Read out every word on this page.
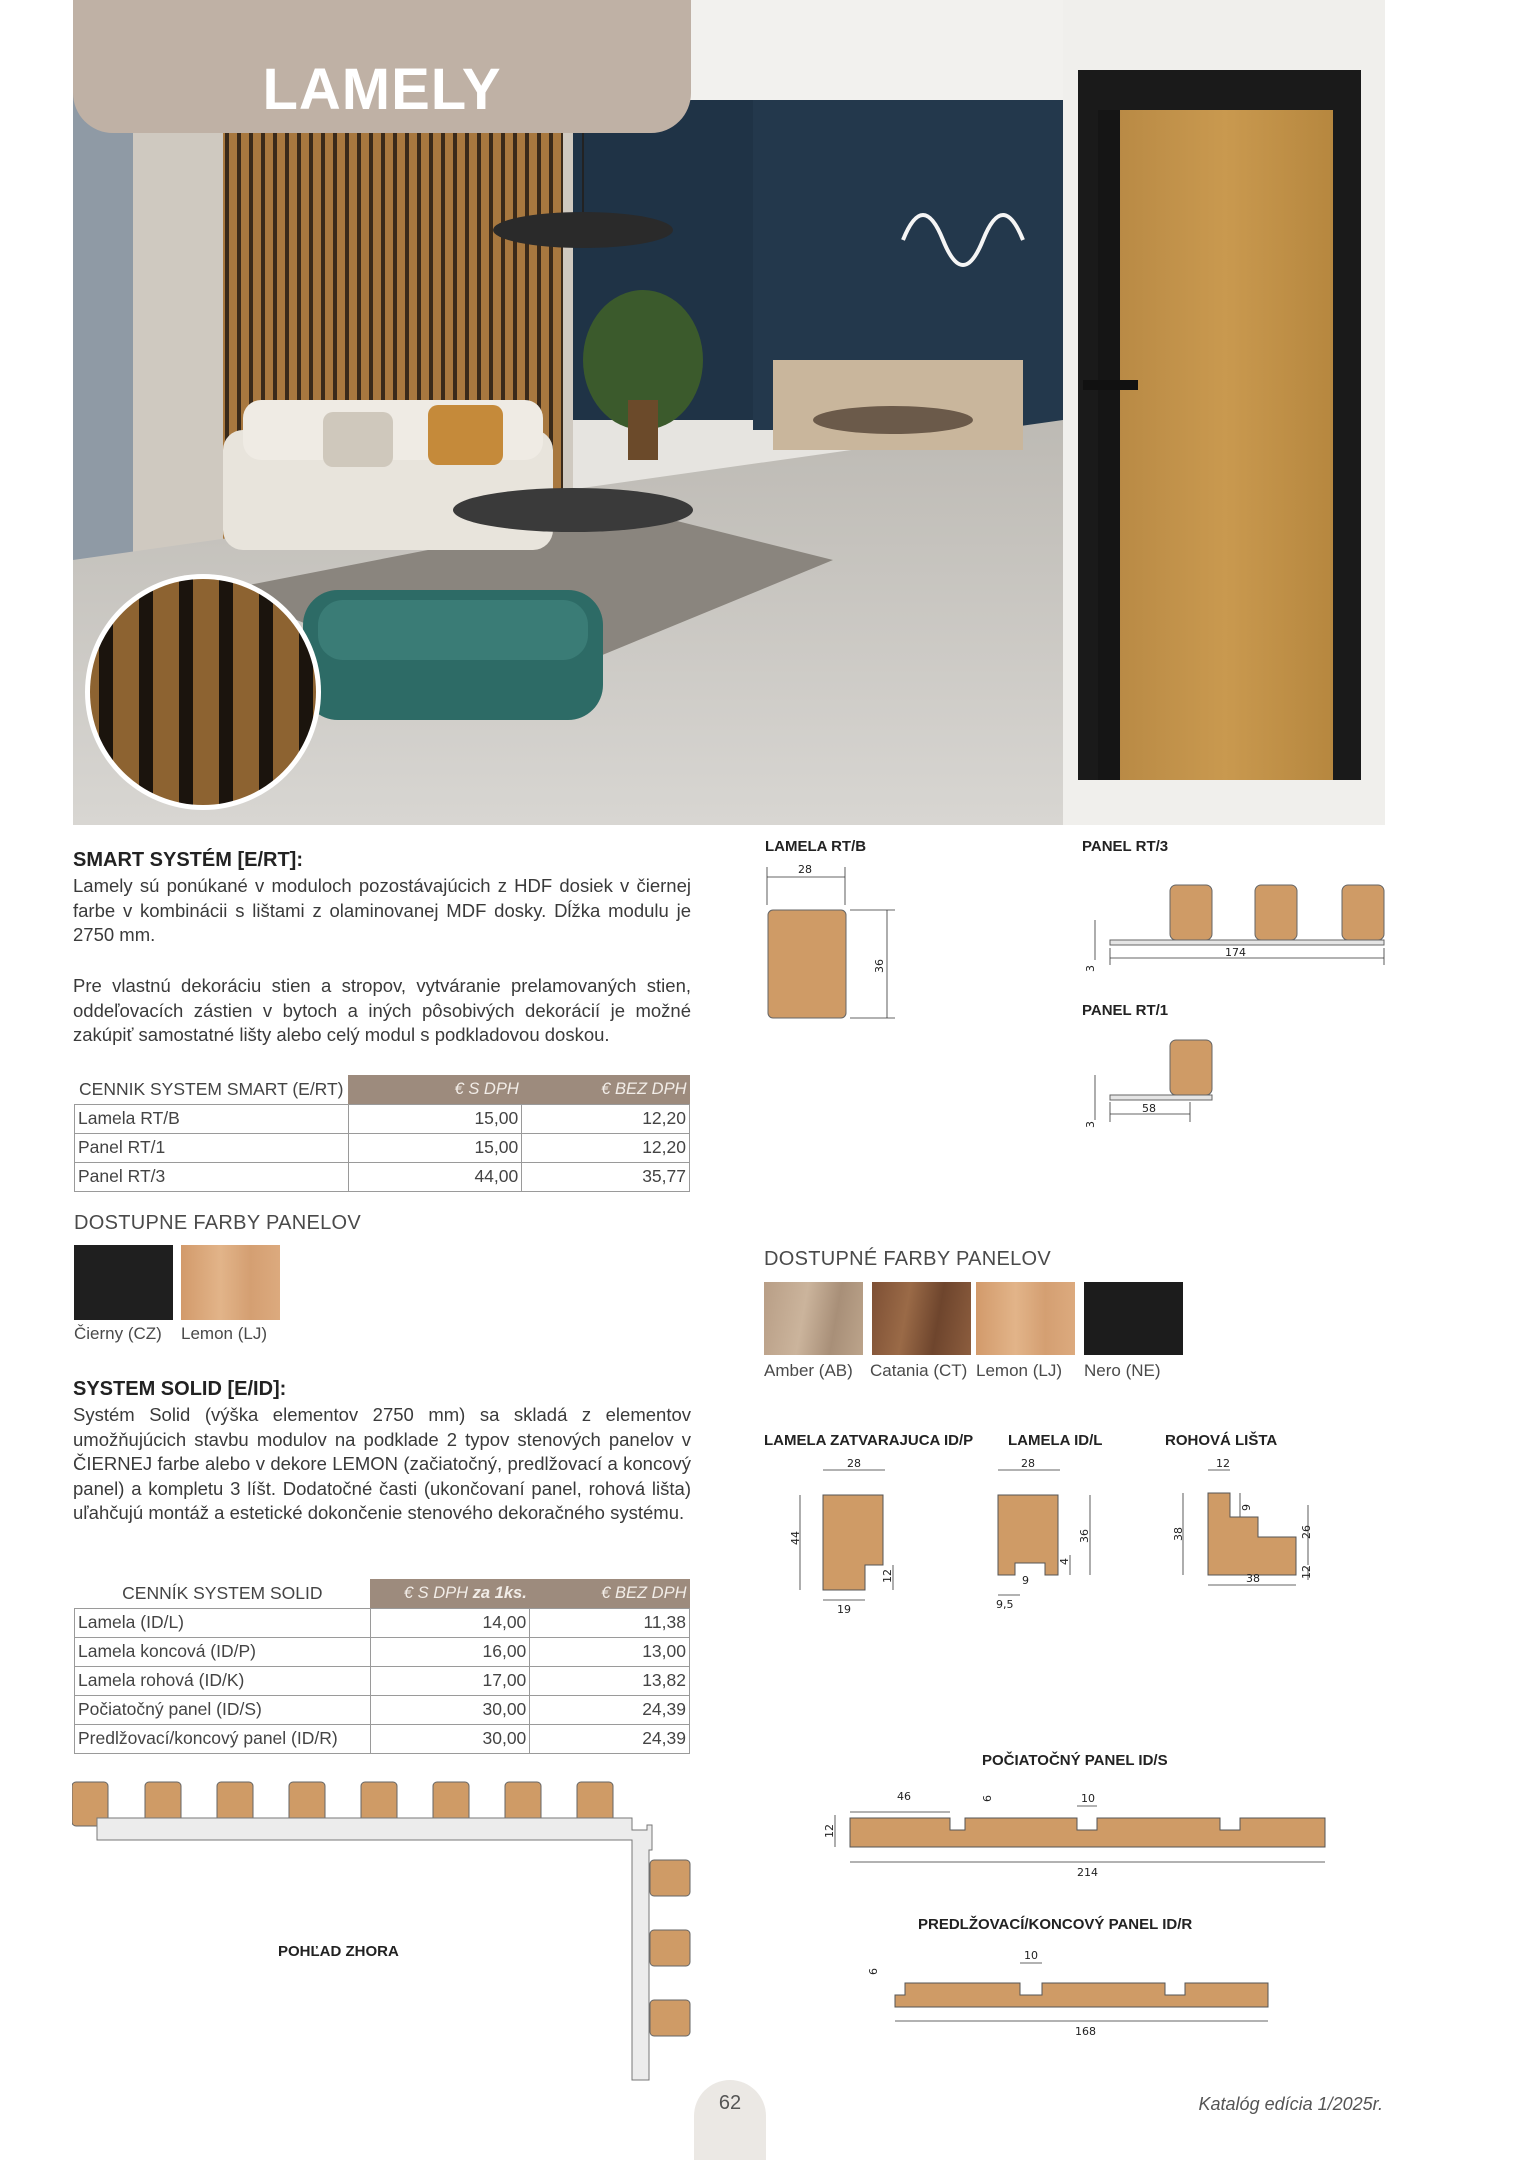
LAMELY
SMART SYSTÉM [E/RT]:
Lamely sú ponúkané v moduloch pozostávajúcich z HDF dosiek v čiernej farbe v kombinácii s lištami z olaminovanej MDF dosky. Dĺžka modulu je 2750 mm.
Pre vlastnú dekoráciu stien a stropov, vytváranie prelamovaných stien, oddeľovacích zástien v bytoch a iných pôsobivých dekorácií je možné zakúpiť samostatné lišty alebo celý modul s podkladovou doskou.
CENNIK SYSTEM SMART (E/RT)	€ S DPH	€ BEZ DPH
Lamela RT/B	15,00	12,20
Panel RT/1	15,00	12,20
Panel RT/3	44,00	35,77
DOSTUPNE FARBY PANELOV
Čierny (CZ) Lemon (LJ)
LAMELA RT/B
28
36
PANEL RT/3
174
3
PANEL RT/1
58
3
DOSTUPNÉ FARBY PANELOV
Amber (AB) Catania (CT) Lemon (LJ) Nero (NE)
SYSTEM SOLID [E/ID]:
Systém Solid (výška elementov 2750 mm) sa skladá z elementov umožňujúcich stavbu modulov na podklade 2 typov stenových panelov v ČIERNEJ farbe alebo v dekore LEMON (začiatočný, predlžovací a koncový panel) a kompletu 3 líšt. Dodatočné časti (ukončovaní panel, rohová lišta) uľahčujú montáž a estetické dokončenie stenového dekoračného systému.
CENNÍK SYSTEM SOLID	€ S DPH za 1ks.	€ BEZ DPH
Lamela (ID/L)	14,00	11,38
Lamela koncová (ID/P)	16,00	13,00
Lamela rohová (ID/K)	17,00	13,82
Počiatočný panel (ID/S)	30,00	24,39
Predlžovací/koncový panel (ID/R)	30,00	24,39
LAMELA ZATVARAJUCA ID/P
28
44
12
19
LAMELA ID/L
28
4
36
9
9,5
ROHOVÁ LIŠTA
12
9
38	26
12
38
POČIATOČNÝ PANEL ID/S
46	6	10
12
214
PREDLŽOVACÍ/KONCOVÝ PANEL ID/R
10
6
168
POHĽAD ZHORA
62	Katalóg edícia 1/2025r.
